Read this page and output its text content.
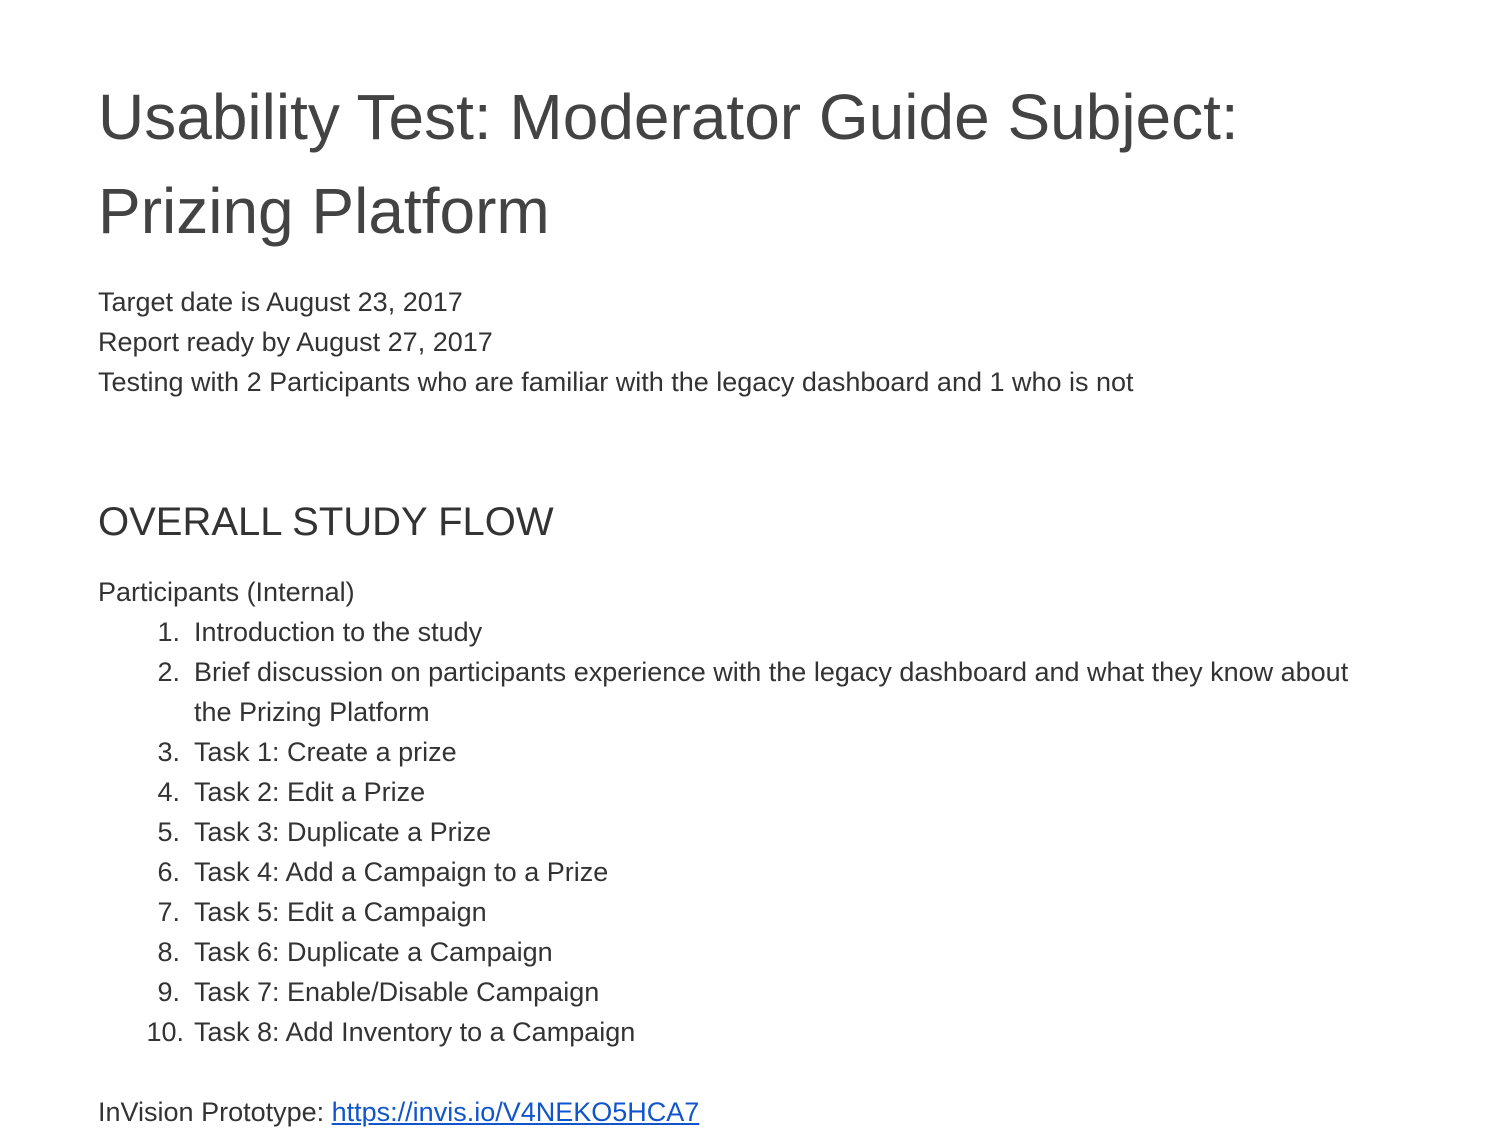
Usability Test: Moderator Guide Subject: Prizing Platform
Target date is August 23, 2017
Report ready by August 27, 2017
Testing with 2 Participants who are familiar with the legacy dashboard and 1 who is not
OVERALL STUDY FLOW
Participants (Internal)
1. Introduction to the study
2. Brief discussion on participants experience with the legacy dashboard and what they know about the Prizing Platform
3. Task 1: Create a prize
4. Task 2: Edit a Prize
5. Task 3: Duplicate a Prize
6. Task 4: Add a Campaign to a Prize
7. Task 5: Edit a Campaign
8. Task 6: Duplicate a Campaign
9. Task 7: Enable/Disable Campaign
10. Task 8: Add Inventory to a Campaign
InVision Prototype: https://invis.io/V4NEKO5HCA7
